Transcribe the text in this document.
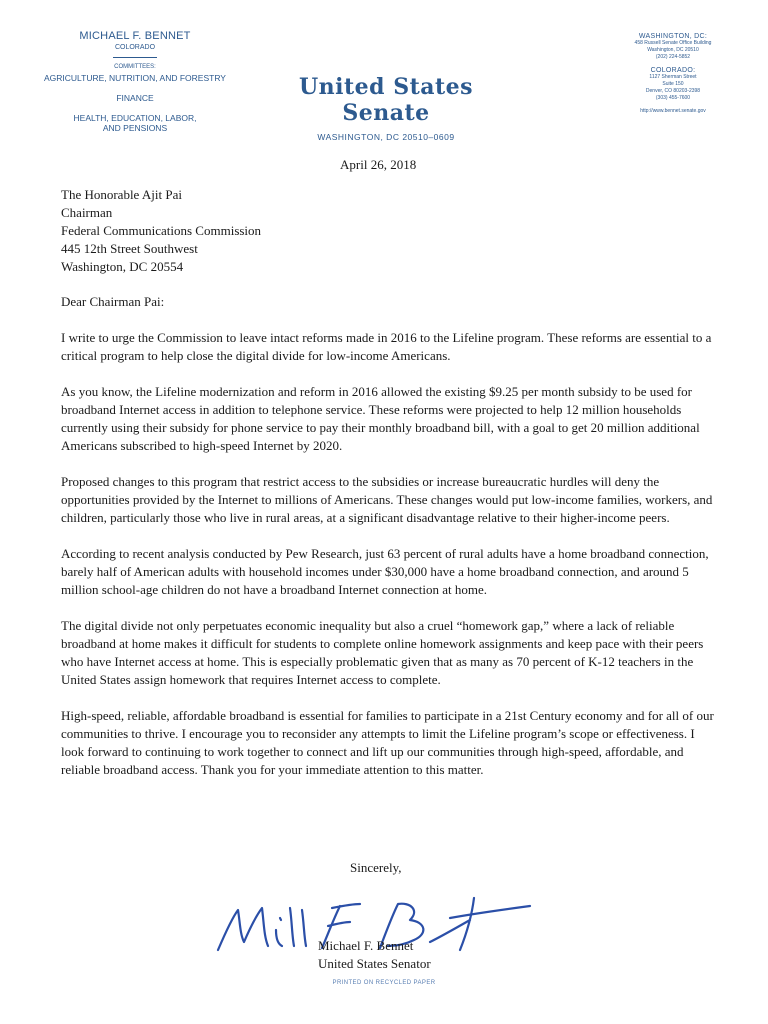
MICHAEL F. BENNET
COLORADO
COMMITTEES:
AGRICULTURE, NUTRITION, AND FORESTRY
FINANCE
HEALTH, EDUCATION, LABOR,
AND PENSIONS
United States Senate
WASHINGTON, DC 20510–0609
WASHINGTON, DC:
458 Russell Senate Office Building
Washington, DC 20510
(202) 224-5852
COLORADO:
1127 Sherman Street
Suite 150
Denver, CO 80203-2398
(303) 455-7600
http://www.bennet.senate.gov
April 26, 2018

The Honorable Ajit Pai
Chairman
Federal Communications Commission
445 12th Street Southwest
Washington, DC 20554

Dear Chairman Pai:

I write to urge the Commission to leave intact reforms made in 2016 to the Lifeline program. These reforms are essential to a critical program to help close the digital divide for low-income Americans.

As you know, the Lifeline modernization and reform in 2016 allowed the existing $9.25 per month subsidy to be used for broadband Internet access in addition to telephone service. These reforms were projected to help 12 million households currently using their subsidy for phone service to pay their monthly broadband bill, with a goal to get 20 million additional Americans subscribed to high-speed Internet by 2020.

Proposed changes to this program that restrict access to the subsidies or increase bureaucratic hurdles will deny the opportunities provided by the Internet to millions of Americans. These changes would put low-income families, workers, and children, particularly those who live in rural areas, at a significant disadvantage relative to their higher-income peers.

According to recent analysis conducted by Pew Research, just 63 percent of rural adults have a home broadband connection, barely half of American adults with household incomes under $30,000 have a home broadband connection, and around 5 million school-age children do not have a broadband Internet connection at home.

The digital divide not only perpetuates economic inequality but also a cruel “homework gap,” where a lack of reliable broadband at home makes it difficult for students to complete online homework assignments and keep pace with their peers who have Internet access at home. This is especially problematic given that as many as 70 percent of K-12 teachers in the United States assign homework that requires Internet access to complete.

High-speed, reliable, affordable broadband is essential for families to participate in a 21st Century economy and for all of our communities to thrive. I encourage you to reconsider any attempts to limit the Lifeline program’s scope or effectiveness. I look forward to continuing to work together to connect and lift up our communities through high-speed, affordable, and reliable broadband access. Thank you for your immediate attention to this matter.

Sincerely,
Michael F. Bennet
United States Senator
PRINTED ON RECYCLED PAPER
